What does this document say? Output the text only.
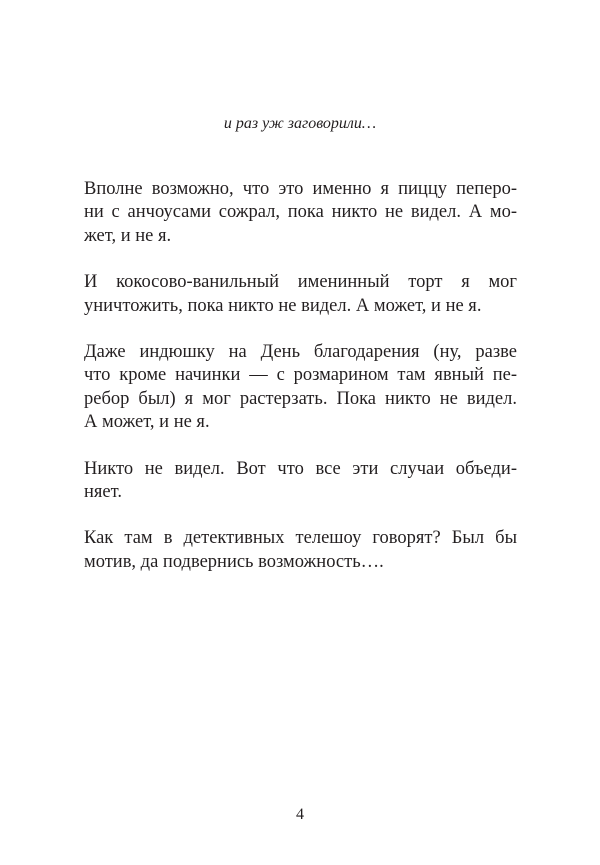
и раз уж заговорили…

Вполне возможно, что это именно я пиццу пеперо-
ни с анчоусами сожрал, пока никто не видел. А мо-
жет, и не я.
И кокосово-ванильный именинный торт я мог
уничтожить, пока никто не видел. А может, и не я.
Даже индюшку на День благодарения (ну, разве
что кроме начинки — с розмарином там явный пе-
ребор был) я мог растерзать. Пока никто не видел.
А может, и не я.
Никто не видел. Вот что все эти случаи объеди-
няет.
Как там в детективных телешоу говорят? Был бы
мотив, да подвернись возможность….

4
